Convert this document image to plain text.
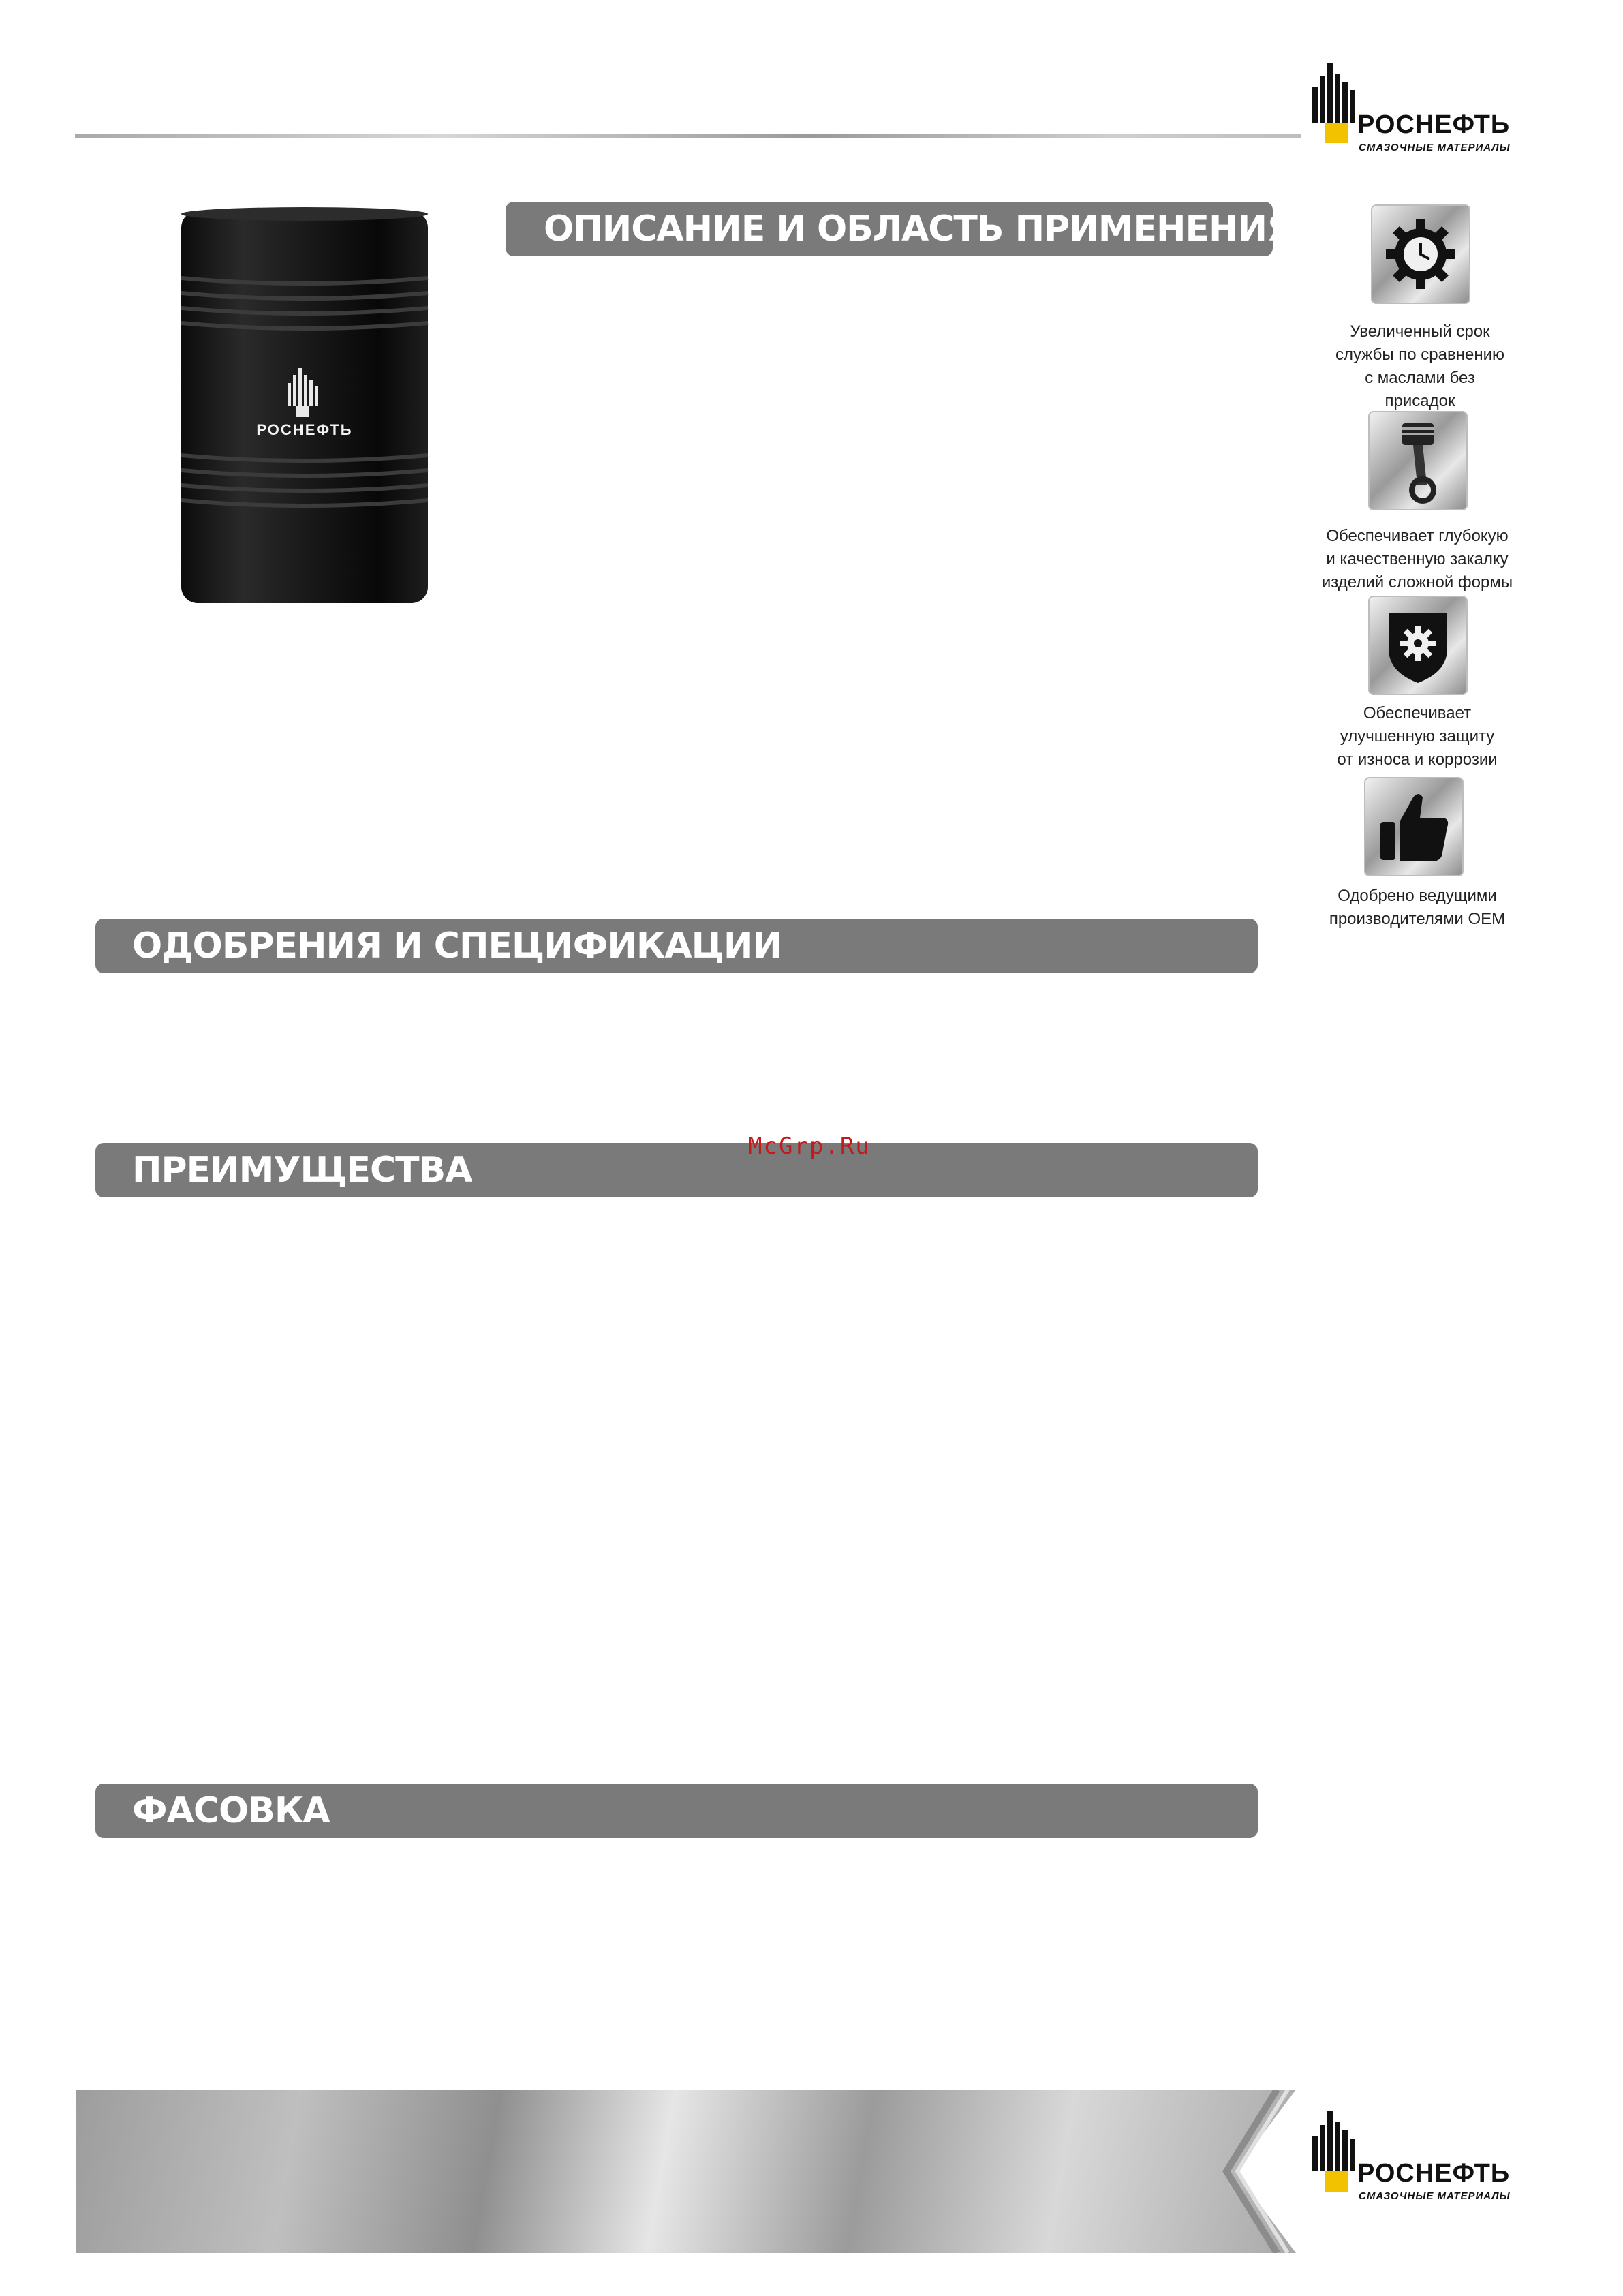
РОСНЕФТЬ
СМАЗОЧНЫЕ МАТЕРИАЛЫ
РОСНЕФТЬ
ОПИСАНИЕ И ОБЛАСТЬ ПРИМЕНЕНИЯ
ОДОБРЕНИЯ И СПЕЦИФИКАЦИИ
ПРЕИМУЩЕСТВА
ФАСОВКА
Увеличенный срок
службы по сравнению
с маслами без
присадок
Обеспечивает глубокую
и качественную закалку
изделий сложной формы
Обеспечивает
улучшенную защиту
от износа и коррозии
Одобрено ведущими
производителями OEM
McGrp.Ru
РОСНЕФТЬ
СМАЗОЧНЫЕ МАТЕРИАЛЫ
